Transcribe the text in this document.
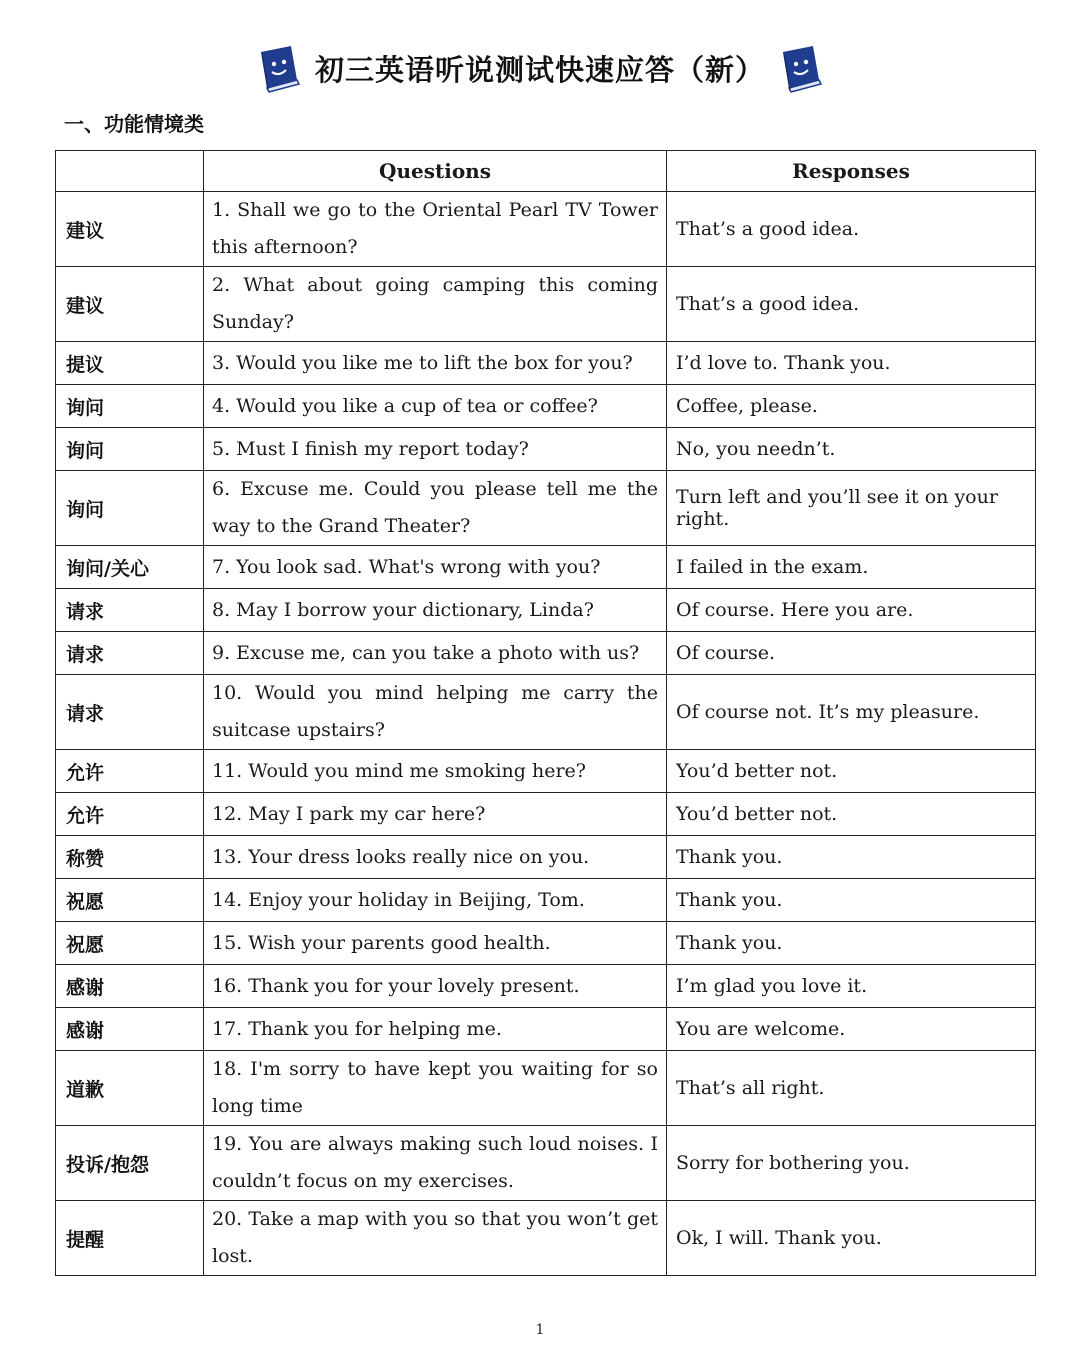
初三英语听说测试快速应答（新）
一、功能情境类
	Questions	Responses
建议	1. Shall we go to the Oriental Pearl TV Tower this afternoon?	That’s a good idea.
建议	2. What about going camping this coming Sunday?	That’s a good idea.
提议	3. Would you like me to lift the box for you?	I’d love to. Thank you.
询问	4. Would you like a cup of tea or coffee?	Coffee, please.
询问	5. Must I finish my report today?	No, you needn’t.
询问	6. Excuse me. Could you please tell me the way to the Grand Theater?	Turn left and you’ll see it on your right.
询问/关心	7. You look sad. What's wrong with you?	I failed in the exam.
请求	8. May I borrow your dictionary, Linda?	Of course. Here you are.
请求	9. Excuse me, can you take a photo with us?	Of course.
请求	10. Would you mind helping me carry the suitcase upstairs?	Of course not. It’s my pleasure.
允许	11. Would you mind me smoking here?	You’d better not.
允许	12. May I park my car here?	You’d better not.
称赞	13. Your dress looks really nice on you.	Thank you.
祝愿	14. Enjoy your holiday in Beijing, Tom.	Thank you.
祝愿	15. Wish your parents good health.	Thank you.
感谢	16. Thank you for your lovely present.	I’m glad you love it.
感谢	17. Thank you for helping me.	You are welcome.
道歉	18. I'm sorry to have kept you waiting for so long time	That’s all right.
投诉/抱怨	19. You are always making such loud noises. I couldn’t focus on my exercises.	Sorry for bothering you.
提醒	20. Take a map with you so that you won’t get lost.	Ok, I will. Thank you.
1
